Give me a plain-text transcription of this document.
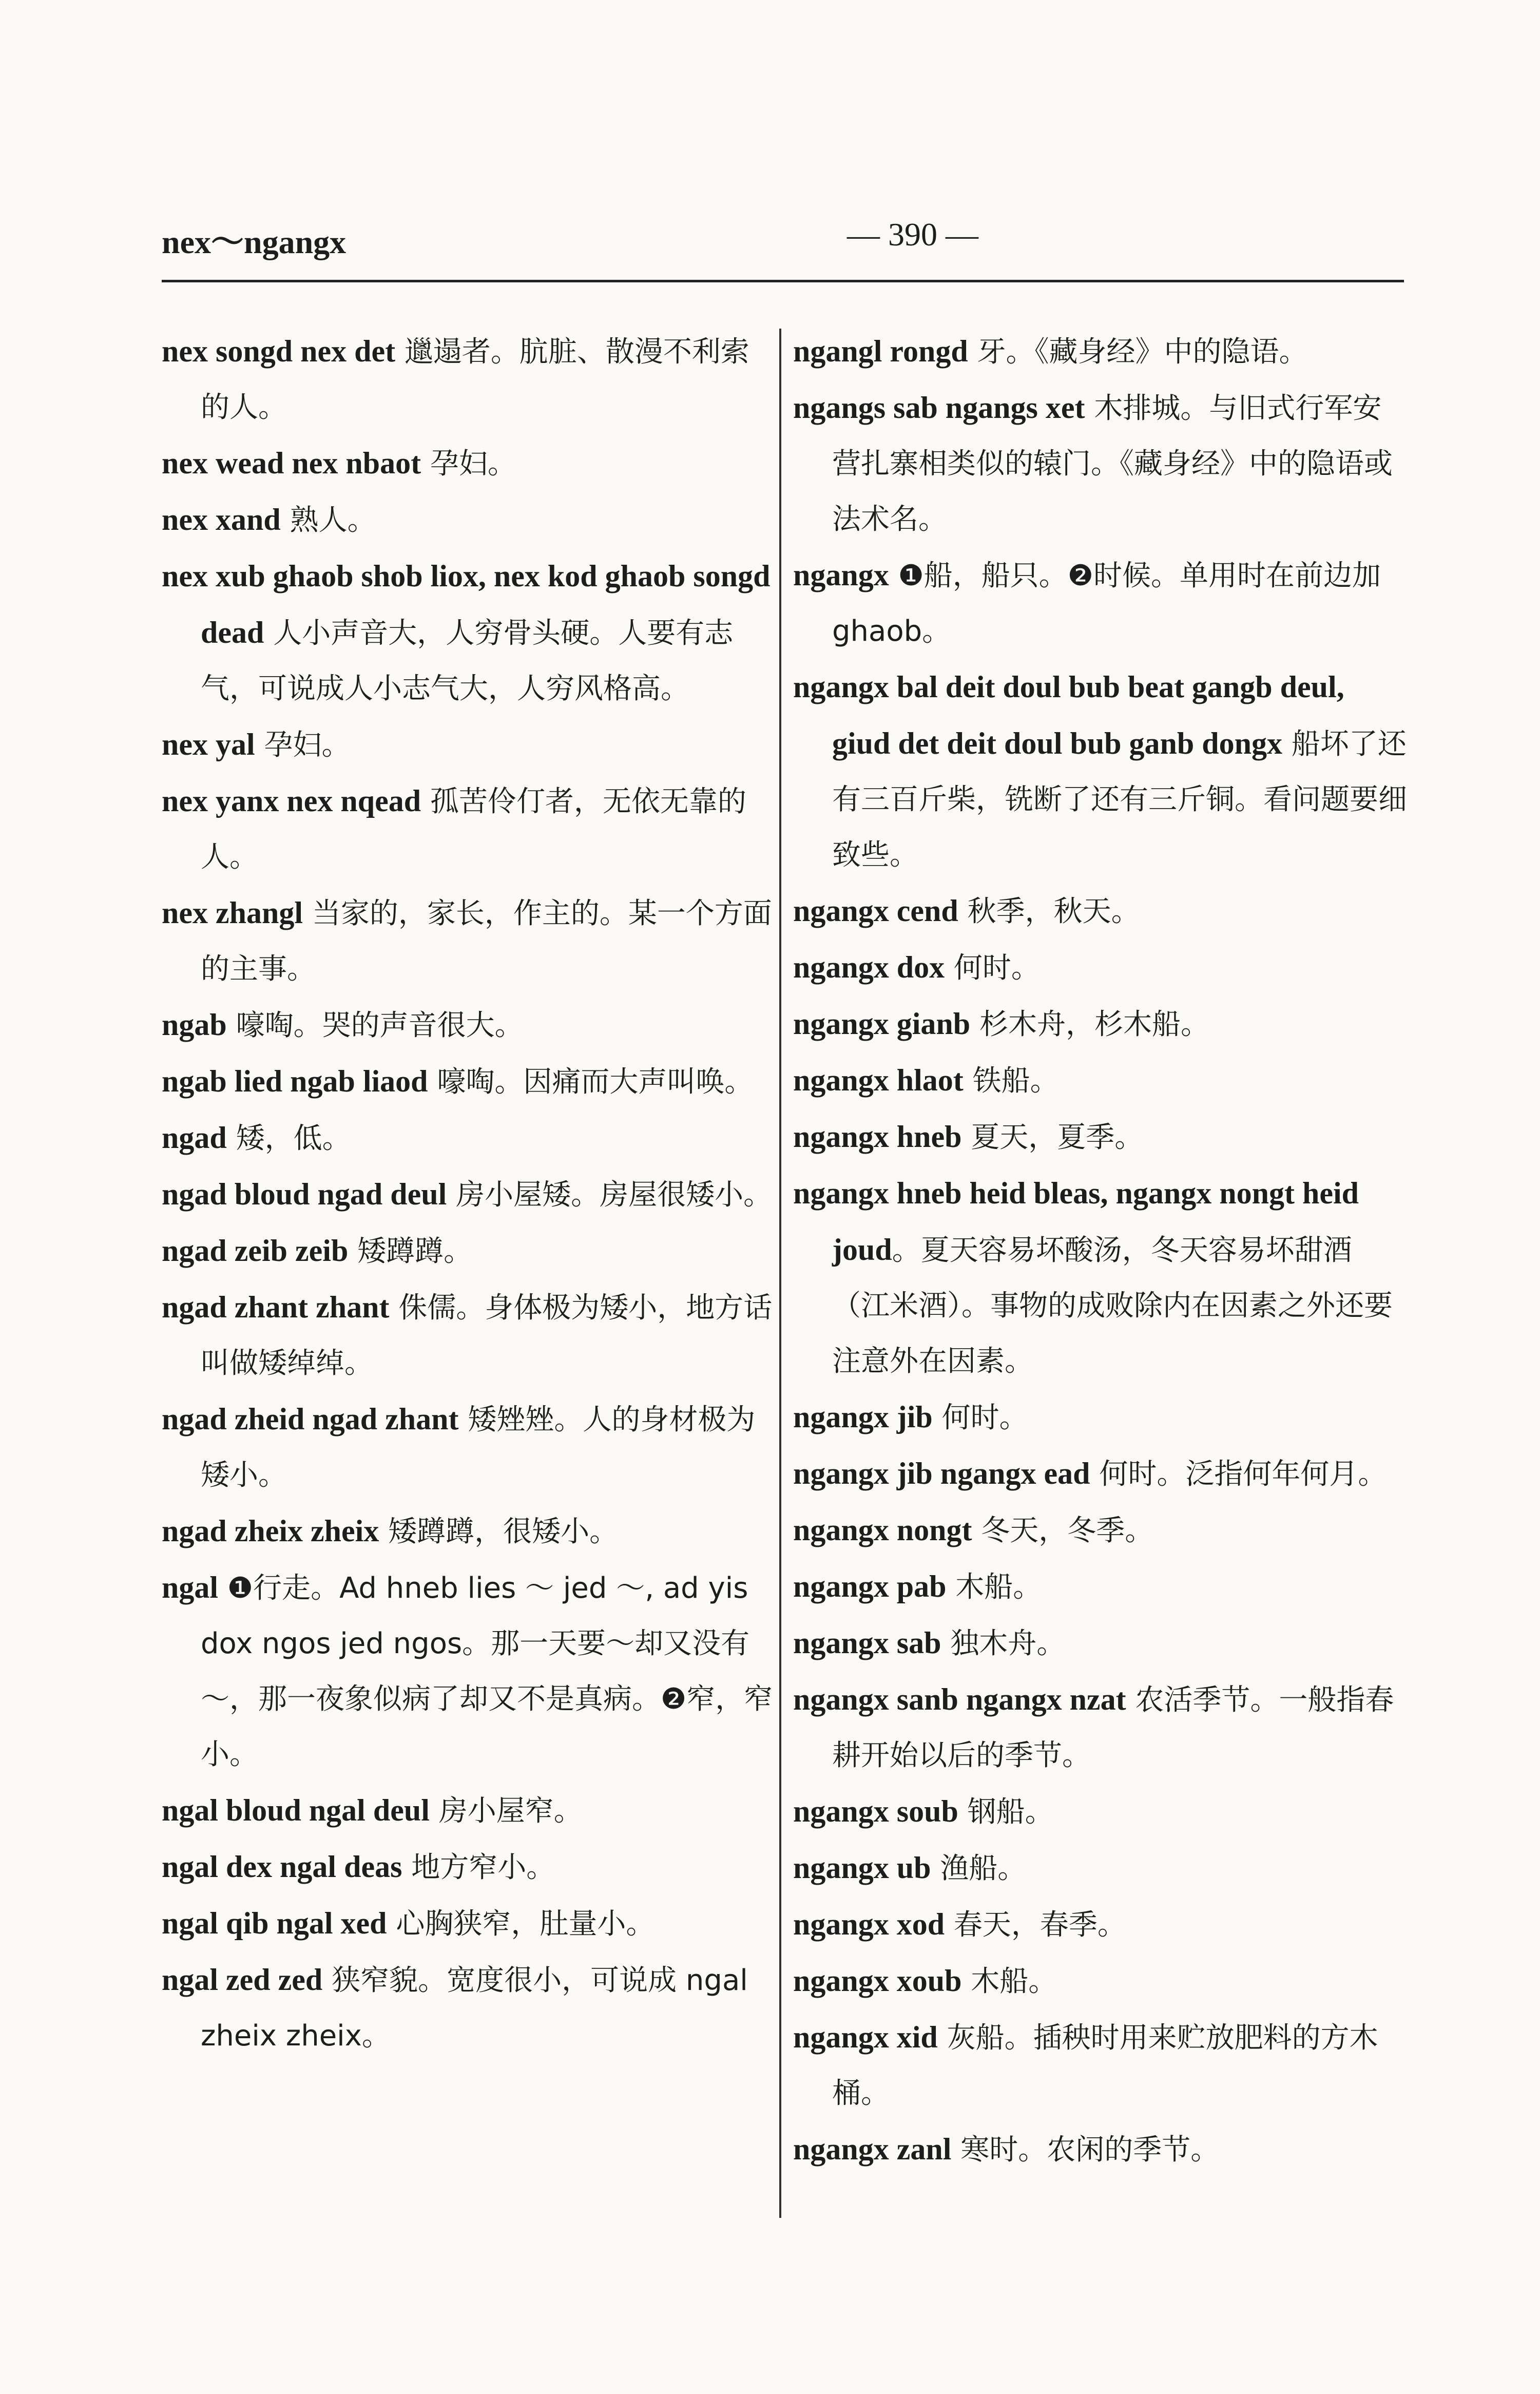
nex～ngangx	— 390 —
nex songd nex det 邋遢者。肮脏、散漫不利索的人。
nex wead nex nbaot 孕妇。
nex xand 熟人。
nex xub ghaob shob liox, nex kod ghaob songd dead 人小声音大，人穷骨头硬。人要有志气，可说成人小志气大，人穷风格高。
nex yal 孕妇。
nex yanx nex nqead 孤苦伶仃者，无依无靠的人。
nex zhangl 当家的，家长，作主的。某一个方面的主事。
ngab 嚎啕。哭的声音很大。
ngab lied ngab liaod 嚎啕。因痛而大声叫唤。
ngad 矮，低。
ngad bloud ngad deul 房小屋矮。房屋很矮小。
ngad zeib zeib 矮蹲蹲。
ngad zhant zhant 侏儒。身体极为矮小，地方话叫做矮绰绰。
ngad zheid ngad zhant 矮矬矬。人的身材极为矮小。
ngad zheix zheix 矮蹲蹲，很矮小。
ngal ❶行走。Ad hneb lies ～ jed ～, ad yis dox ngos jed ngos。那一天要～却又没有～，那一夜象似病了却又不是真病。❷窄，窄小。
ngal bloud ngal deul 房小屋窄。
ngal dex ngal deas 地方窄小。
ngal qib ngal xed 心胸狭窄，肚量小。
ngal zed zed 狭窄貌。宽度很小，可说成 ngal zheix zheix。
ngangl rongd 牙。《藏身经》中的隐语。
ngangs sab ngangs xet 木排城。与旧式行军安营扎寨相类似的辕门。《藏身经》中的隐语或法术名。
ngangx ❶船，船只。❷时候。单用时在前边加 ghaob。
ngangx bal deit doul bub beat gangb deul, giud det deit doul bub ganb dongx 船坏了还有三百斤柴，铣断了还有三斤铜。看问题要细致些。
ngangx cend 秋季，秋天。
ngangx dox 何时。
ngangx gianb 杉木舟，杉木船。
ngangx hlaot 铁船。
ngangx hneb 夏天，夏季。
ngangx hneb heid bleas, ngangx nongt heid joud。夏天容易坏酸汤，冬天容易坏甜酒（江米酒）。事物的成败除内在因素之外还要注意外在因素。
ngangx jib 何时。
ngangx jib ngangx ead 何时。泛指何年何月。
ngangx nongt 冬天，冬季。
ngangx pab 木船。
ngangx sab 独木舟。
ngangx sanb ngangx nzat 农活季节。一般指春耕开始以后的季节。
ngangx soub 钢船。
ngangx ub 渔船。
ngangx xod 春天，春季。
ngangx xoub 木船。
ngangx xid 灰船。插秧时用来贮放肥料的方木桶。
ngangx zanl 寒时。农闲的季节。
